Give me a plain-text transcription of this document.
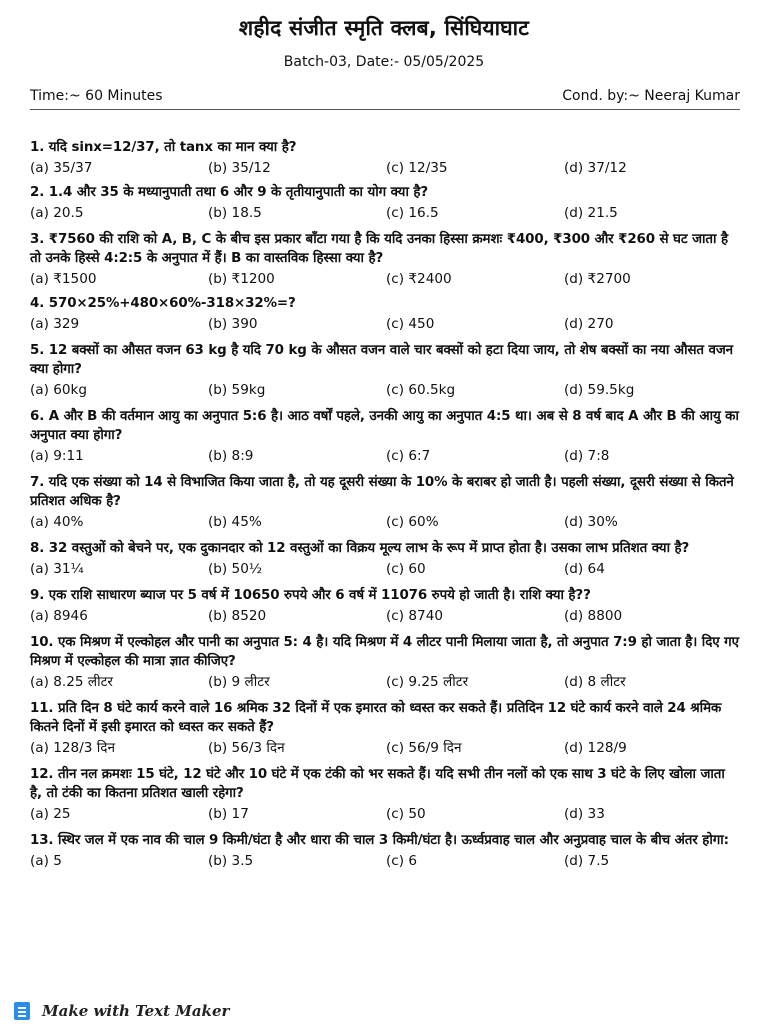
शहीद संजीत स्मृति क्लब, सिंघियाघाट
Batch-03, Date:- 05/05/2025
Time:~ 60 Minutes	Cond. by:~ Neeraj Kumar
1. यदि sinx=12/37, तो tanx का मान क्या है?
(a) 35/37	(b) 35/12	(c) 12/35	(d) 37/12
2. 1.4 और 35 के मध्यानुपाती तथा 6 और 9 के तृतीयानुपाती का योग क्या है?
(a) 20.5	(b) 18.5	(c) 16.5	(d) 21.5
3. ₹7560 की राशि को A, B, C के बीच इस प्रकार बाँटा गया है कि यदि उनका हिस्सा क्रमशः ₹400, ₹300 और ₹260 से घट जाता है तो उनके हिस्से 4:2:5 के अनुपात में हैं। B का वास्तविक हिस्सा क्या है?
(a) ₹1500	(b) ₹1200	(c) ₹2400	(d) ₹2700
4. 570×25%+480×60%-318×32%=?
(a) 329	(b) 390	(c) 450	(d) 270
5. 12 बक्सों का औसत वजन 63 kg है यदि 70 kg के औसत वजन वाले चार बक्सों को हटा दिया जाय, तो शेष बक्सों का नया औसत वजन क्या होगा?
(a) 60kg	(b) 59kg	(c) 60.5kg	(d) 59.5kg
6. A और B की वर्तमान आयु का अनुपात 5:6 है। आठ वर्षों पहले, उनकी आयु का अनुपात 4:5 था। अब से 8 वर्ष बाद A और B की आयु का अनुपात क्या होगा?
(a) 9:11	(b) 8:9	(c) 6:7	(d) 7:8
7. यदि एक संख्या को 14 से विभाजित किया जाता है, तो यह दूसरी संख्या के 10% के बराबर हो जाती है। पहली संख्या, दूसरी संख्या से कितने प्रतिशत अधिक है?
(a) 40%	(b) 45%	(c) 60%	(d) 30%
8. 32 वस्तुओं को बेचने पर, एक दुकानदार को 12 वस्तुओं का विक्रय मूल्य लाभ के रूप में प्राप्त होता है। उसका लाभ प्रतिशत क्या है?
(a) 31¼	(b) 50½	(c) 60	(d) 64
9. एक राशि साधारण ब्याज पर 5 वर्ष में 10650 रुपये और 6 वर्ष में 11076 रुपये हो जाती है। राशि क्या है??
(a) 8946	(b) 8520	(c) 8740	(d) 8800
10. एक मिश्रण में एल्कोहल और पानी का अनुपात 5: 4 है। यदि मिश्रण में 4 लीटर पानी मिलाया जाता है, तो अनुपात 7:9 हो जाता है। दिए गए मिश्रण में एल्कोहल की मात्रा ज्ञात कीजिए?
(a) 8.25 लीटर	(b) 9 लीटर	(c) 9.25 लीटर	(d) 8 लीटर
11. प्रति दिन 8 घंटे कार्य करने वाले 16 श्रमिक 32 दिनों में एक इमारत को ध्वस्त कर सकते हैं। प्रतिदिन 12 घंटे कार्य करने वाले 24 श्रमिक कितने दिनों में इसी इमारत को ध्वस्त कर सकते हैं?
(a) 128/3 दिन	(b) 56/3 दिन	(c) 56/9 दिन	(d) 128/9
12. तीन नल क्रमशः 15 घंटे, 12 घंटे और 10 घंटे में एक टंकी को भर सकते हैं। यदि सभी तीन नलों को एक साथ 3 घंटे के लिए खोला जाता है, तो टंकी का कितना प्रतिशत खाली रहेगा?
(a) 25	(b) 17	(c) 50	(d) 33
13. स्थिर जल में एक नाव की चाल 9 किमी/घंटा है और धारा की चाल 3 किमी/घंटा है। ऊर्ध्वप्रवाह चाल और अनुप्रवाह चाल के बीच अंतर होगा:
(a) 5	(b) 3.5	(c) 6	(d) 7.5
Make with Text Maker
